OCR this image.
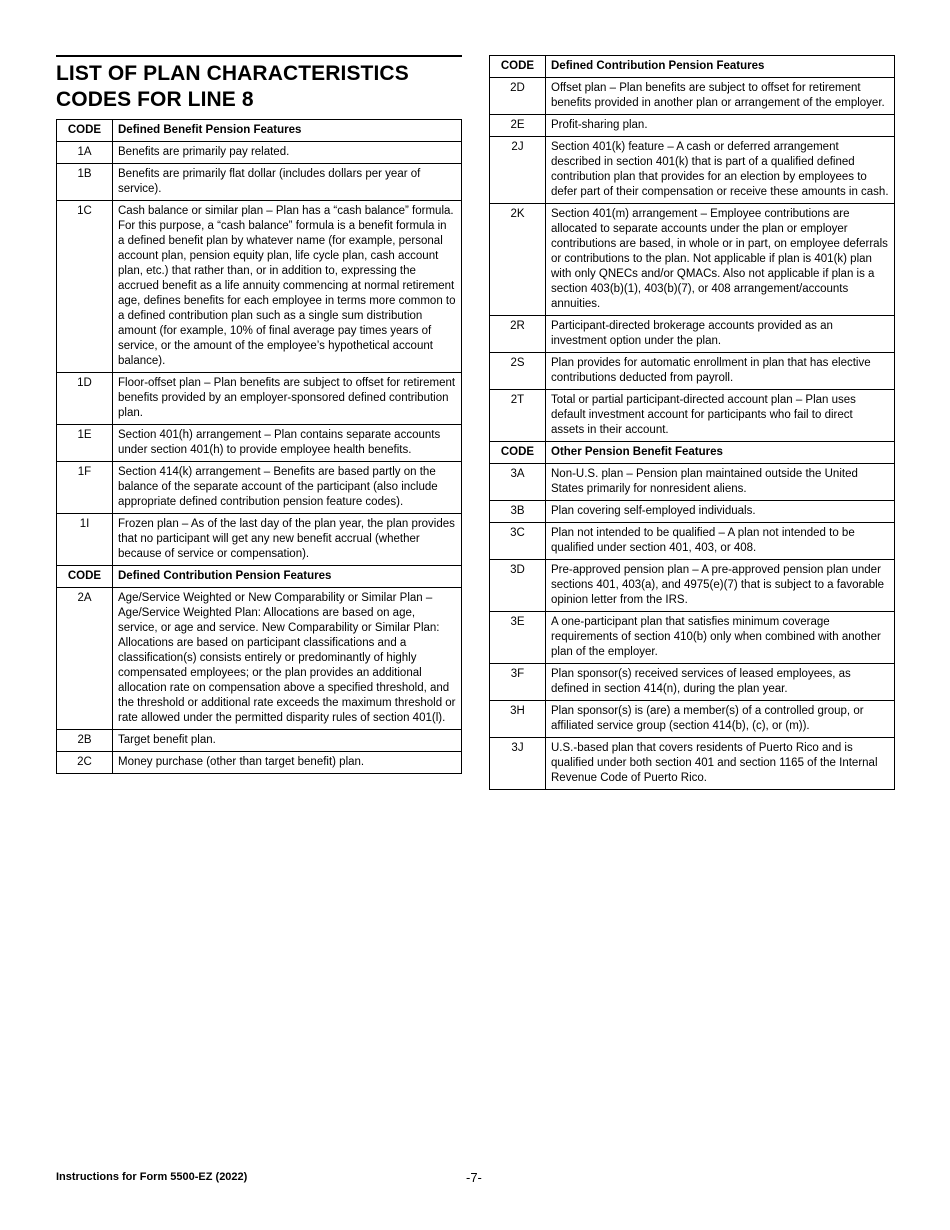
LIST OF PLAN CHARACTERISTICS
CODES FOR LINE 8
CODE	Defined Benefit Pension Features
1A	Benefits are primarily pay related.
1B	Benefits are primarily flat dollar (includes dollars per year of service).
1C	Cash balance or similar plan – Plan has a “cash balance” formula. For this purpose, a “cash balance” formula is a benefit formula in a defined benefit plan by whatever name (for example, personal account plan, pension equity plan, life cycle plan, cash account plan, etc.) that rather than, or in addition to, expressing the accrued benefit as a life annuity commencing at normal retirement age, defines benefits for each employee in terms more common to a defined contribution plan such as a single sum distribution amount (for example, 10% of final average pay times years of service, or the amount of the employee’s hypothetical account balance).
1D	Floor-offset plan – Plan benefits are subject to offset for retirement benefits provided by an employer-sponsored defined contribution plan.
1E	Section 401(h) arrangement – Plan contains separate accounts under section 401(h) to provide employee health benefits.
1F	Section 414(k) arrangement – Benefits are based partly on the balance of the separate account of the participant (also include appropriate defined contribution pension feature codes).
1I	Frozen plan – As of the last day of the plan year, the plan provides that no participant will get any new benefit accrual (whether because of service or compensation).
CODE	Defined Contribution Pension Features
2A	Age/Service Weighted or New Comparability or Similar Plan – Age/Service Weighted Plan: Allocations are based on age, service, or age and service. New Comparability or Similar Plan: Allocations are based on participant classifications and a classification(s) consists entirely or predominantly of highly compensated employees; or the plan provides an additional allocation rate on compensation above a specified threshold, and the threshold or additional rate exceeds the maximum threshold or rate allowed under the permitted disparity rules of section 401(l).
2B	Target benefit plan.
2C	Money purchase (other than target benefit) plan.
CODE	Defined Contribution Pension Features
2D	Offset plan – Plan benefits are subject to offset for retirement benefits provided in another plan or arrangement of the employer.
2E	Profit-sharing plan.
2J	Section 401(k) feature – A cash or deferred arrangement described in section 401(k) that is part of a qualified defined contribution plan that provides for an election by employees to defer part of their compensation or receive these amounts in cash.
2K	Section 401(m) arrangement – Employee contributions are allocated to separate accounts under the plan or employer contributions are based, in whole or in part, on employee deferrals or contributions to the plan. Not applicable if plan is 401(k) plan with only QNECs and/or QMACs. Also not applicable if plan is a section 403(b)(1), 403(b)(7), or 408 arrangement/accounts annuities.
2R	Participant-directed brokerage accounts provided as an investment option under the plan.
2S	Plan provides for automatic enrollment in plan that has elective contributions deducted from payroll.
2T	Total or partial participant-directed account plan – Plan uses default investment account for participants who fail to direct assets in their account.
CODE	Other Pension Benefit Features
3A	Non-U.S. plan – Pension plan maintained outside the United States primarily for nonresident aliens.
3B	Plan covering self-employed individuals.
3C	Plan not intended to be qualified – A plan not intended to be qualified under section 401, 403, or 408.
3D	Pre-approved pension plan – A pre-approved pension plan under sections 401, 403(a), and 4975(e)(7) that is subject to a favorable opinion letter from the IRS.
3E	A one-participant plan that satisfies minimum coverage requirements of section 410(b) only when combined with another plan of the employer.
3F	Plan sponsor(s) received services of leased employees, as defined in section 414(n), during the plan year.
3H	Plan sponsor(s) is (are) a member(s) of a controlled group, or affiliated service group (section 414(b), (c), or (m)).
3J	U.S.-based plan that covers residents of Puerto Rico and is qualified under both section 401 and section 1165 of the Internal Revenue Code of Puerto Rico.
Instructions for Form 5500-EZ (2022)	-7-
